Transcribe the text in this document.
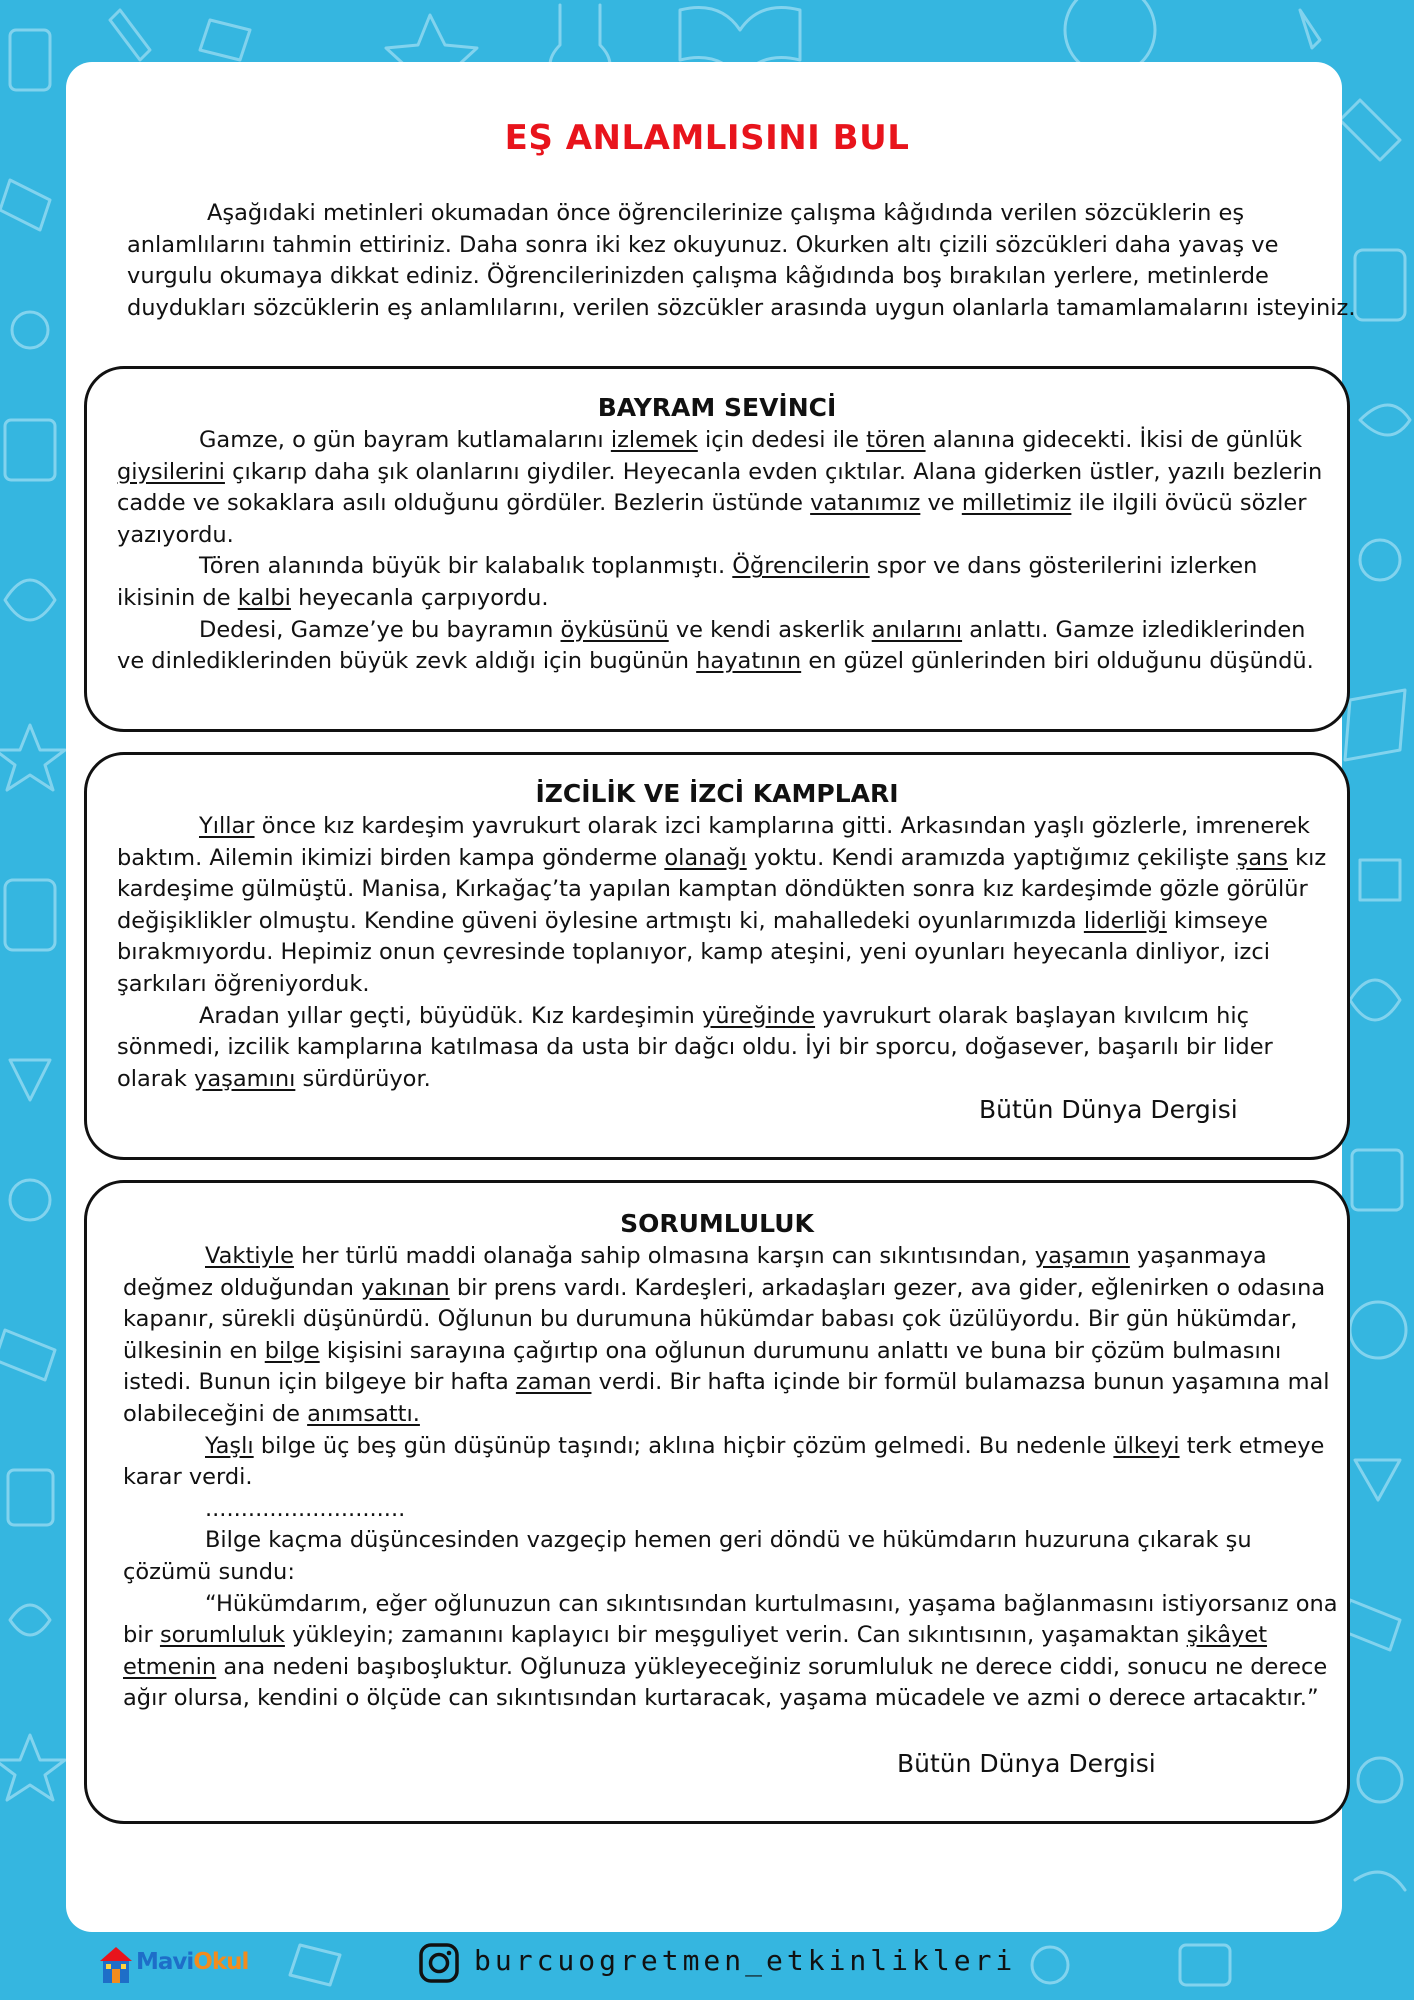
EŞ ANLAMLISINI BUL

Aşağıdaki metinleri okumadan önce öğrencilerinize çalışma kâğıdında verilen sözcüklerin eş anlamlılarını tahmin ettiriniz. Daha sonra iki kez okuyunuz. Okurken altı çizili sözcükleri daha yavaş ve vurgulu okumaya dikkat ediniz. Öğrencilerinizden çalışma kâğıdında boş bırakılan yerlere, metinlerde duydukları sözcüklerin eş anlamlılarını, verilen sözcükler arasında uygun olanlarla tamamlamalarını isteyiniz.

BAYRAM SEVİNCİ

Gamze, o gün bayram kutlamalarını izlemek için dedesi ile tören alanına gidecekti. İkisi de günlük giysilerini çıkarıp daha şık olanlarını giydiler. Heyecanla evden çıktılar. Alana giderken üstler, yazılı bezlerin cadde ve sokaklara asılı olduğunu gördüler. Bezlerin üstünde vatanımız ve milletimiz ile ilgili övücü sözler yazıyordu.

Tören alanında büyük bir kalabalık toplanmıştı. Öğrencilerin spor ve dans gösterilerini izlerken ikisinin de kalbi heyecanla çarpıyordu.

Dedesi, Gamze’ye bu bayramın öyküsünü ve kendi askerlik anılarını anlattı. Gamze izlediklerinden ve dinlediklerinden büyük zevk aldığı için bugünün hayatının en güzel günlerinden biri olduğunu düşündü.

İZCİLİK VE İZCİ KAMPLARI

Yıllar önce kız kardeşim yavrukurt olarak izci kamplarına gitti. Arkasından yaşlı gözlerle, imrenerek baktım. Ailemin ikimizi birden kampa gönderme olanağı yoktu. Kendi aramızda yaptığımız çekilişte şans kız kardeşime gülmüştü. Manisa, Kırkağaç’ta yapılan kamptan döndükten sonra kız kardeşimde gözle görülür değişiklikler olmuştu. Kendine güveni öylesine artmıştı ki, mahalledeki oyunlarımızda liderliği kimseye bırakmıyordu. Hepimiz onun çevresinde toplanıyor, kamp ateşini, yeni oyunları heyecanla dinliyor, izci şarkıları öğreniyorduk.

Aradan yıllar geçti, büyüdük. Kız kardeşimin yüreğinde yavrukurt olarak başlayan kıvılcım hiç sönmedi, izcilik kamplarına katılmasa da usta bir dağcı oldu. İyi bir sporcu, doğasever, başarılı bir lider olarak yaşamını sürdürüyor.

Bütün Dünya Dergisi
SORUMLULUK

Vaktiyle her türlü maddi olanağa sahip olmasına karşın can sıkıntısından, yaşamın yaşanmaya değmez olduğundan yakınan bir prens vardı. Kardeşleri, arkadaşları gezer, ava gider, eğlenirken o odasına kapanır, sürekli düşünürdü. Oğlunun bu durumuna hükümdar babası çok üzülüyordu. Bir gün hükümdar, ülkesinin en bilge kişisini sarayına çağırtıp ona oğlunun durumunu anlattı ve buna bir çözüm bulmasını istedi. Bunun için bilgeye bir hafta zaman verdi. Bir hafta içinde bir formül bulamazsa bunun yaşamına mal olabileceğini de anımsattı.

Yaşlı bilge üç beş gün düşünüp taşındı; aklına hiçbir çözüm gelmedi. Bu nedenle ülkeyi terk etmeye karar verdi.

............................

Bilge kaçma düşüncesinden vazgeçip hemen geri döndü ve hükümdarın huzuruna çıkarak şu çözümü sundu:

“Hükümdarım, eğer oğlunuzun can sıkıntısından kurtulmasını, yaşama bağlanmasını istiyorsanız ona bir sorumluluk yükleyin; zamanını kaplayıcı bir meşguliyet verin. Can sıkıntısının, yaşamaktan şikâyet etmenin ana nedeni başıboşluktur. Oğlunuza yükleyeceğiniz sorumluluk ne derece ciddi, sonucu ne derece ağır olursa, kendini o ölçüde can sıkıntısından kurtaracak, yaşama mücadele ve azmi o derece artacaktır.”

Bütün Dünya Dergisi
MaviOkul	burcuogretmen_etkinlikleri
